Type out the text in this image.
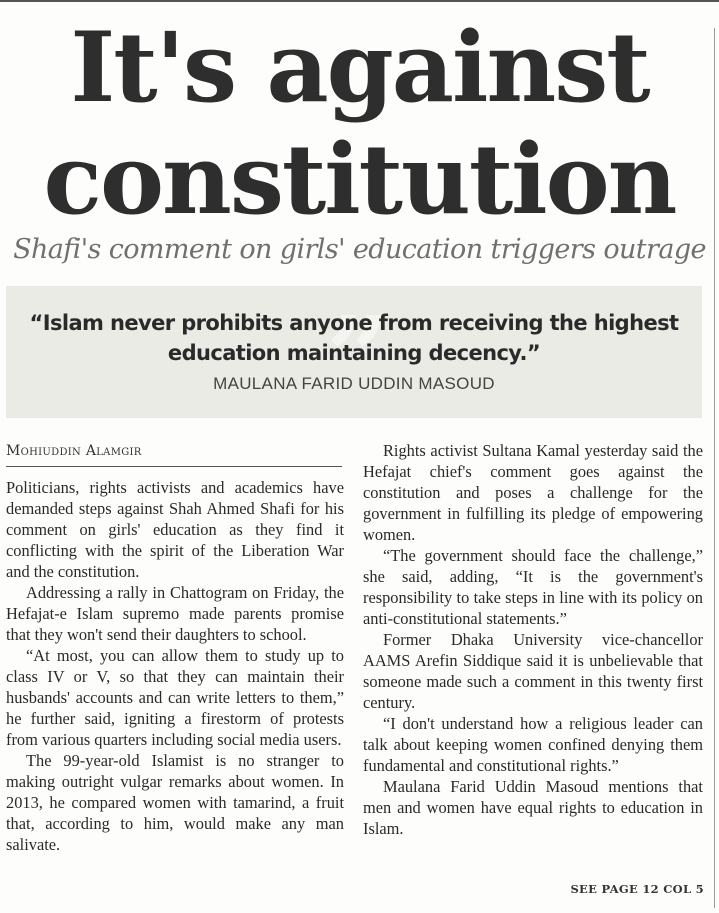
It's against
constitution
Shafi's comment on girls' education triggers outrage
”
“Islam never prohibits anyone from receiving the highest education maintaining decency.”
MAULANA FARID UDDIN MASOUD
Mohiuddin Alamgir

Politicians, rights activists and academics have demanded steps against Shah Ahmed Shafi for his comment on girls' education as they find it conflicting with the spirit of the Liberation War and the constitution.

Addressing a rally in Chattogram on Friday, the Hefajat-e Islam supremo made parents promise that they won't send their daughters to school.

“At most, you can allow them to study up to class IV or V, so that they can maintain their husbands' accounts and can write letters to them,” he further said, igniting a firestorm of protests from various quarters including social media users.

The 99-year-old Islamist is no stranger to making outright vulgar remarks about women. In 2013, he compared women with tamarind, a fruit that, according to him, would make any man salivate.

Rights activist Sultana Kamal yesterday said the Hefajat chief's comment goes against the constitution and poses a challenge for the government in fulfilling its pledge of empowering women.

“The government should face the challenge,” she said, adding, “It is the government's responsibility to take steps in line with its policy on anti-constitutional statements.”

Former Dhaka University vice-chancellor AAMS Arefin Siddique said it is unbelievable that someone made such a comment in this twenty first century.

“I don't understand how a religious leader can talk about keeping women confined denying them fundamental and constitutional rights.”

Maulana Farid Uddin Masoud mentions that men and women have equal rights to education in Islam.

SEE PAGE 12 COL 5
